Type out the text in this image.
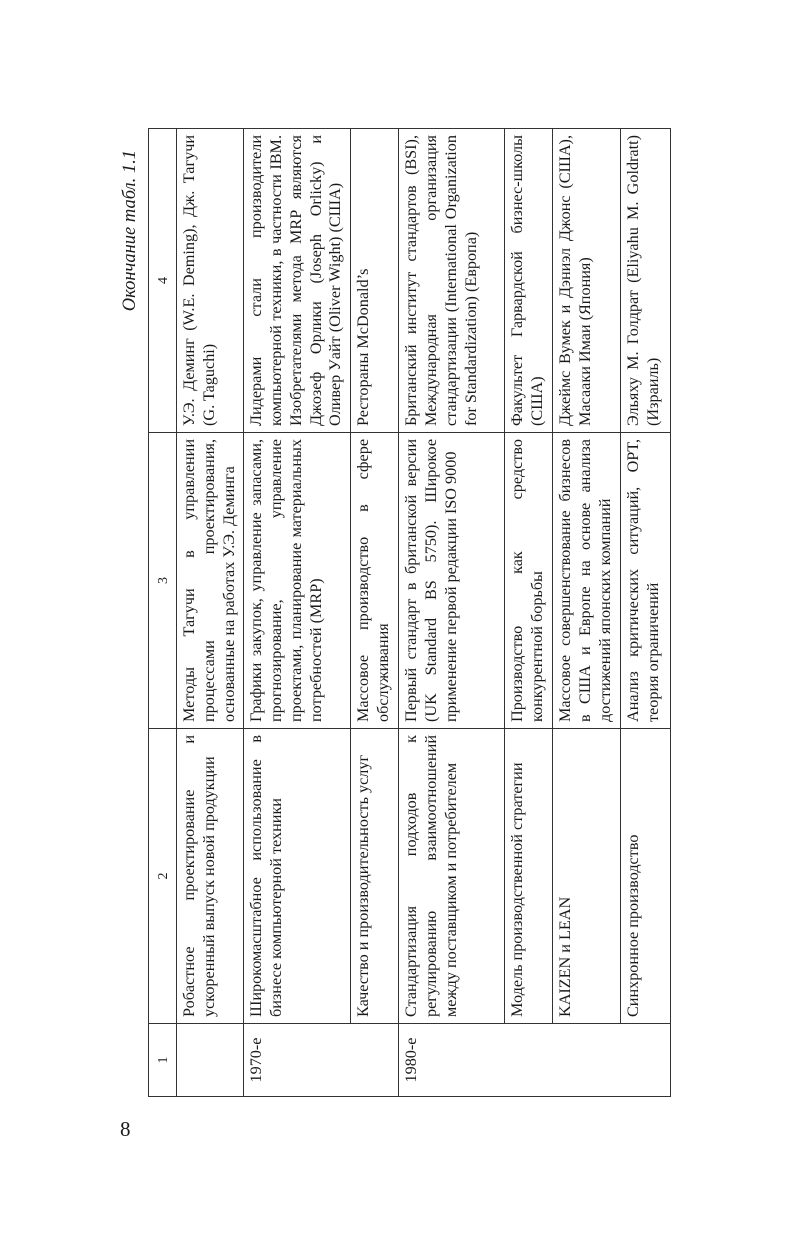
8
Окончание табл. 1.1
1	2	3	4
	Робастное проектирование и ускоренный выпуск новой продукции	Методы Тагучи в управлении процессами проектирования, основанные на работах У.Э. Деминга	У.Э. Деминг (W.E. Deming), Дж. Тагучи (G. Taguchi)
1970-е	Широкомасштабное использование в бизнесе компьютерной техники	Графики закупок, управление запасами, прогнозирование, управление проектами, планирование материальных потребностей (MRP)	Лидерами стали производители компьютерной техники, в частности IBM. Изобретателями метода MRP являются Джозеф Орлики (Joseph Orlicky) и Оливер Уайт (Oliver Wight) (США)
	Качество и производительность услуг	Массовое производство в сфере обслуживания	Рестораны McDonald’s
1980-е	Стандартизация подходов к регулированию взаимоотношений между поставщиком и потребителем	Первый стандарт в британской версии (UK Standard BS 5750). Широкое применение первой редакции ISO 9000	Британский институт стандартов (BSI), Международная организация стандартизации (International Organization for Standardization) (Европа)
	Модель производственной стратегии	Производство как средство конкурентной борьбы	Факультет Гарвардской бизнес-школы (США)
	KAIZEN и LEAN	Массовое совершенствование бизнесов в США и Европе на основе анализа достижений японских компаний	Джеймс Вумек и Дэниэл Джонс (США), Масааки Имаи (Япония)
	Синхронное производство	Анализ критических ситуаций, OPT, теория ограничений	Эльяху М. Голдрат (Eliyahu M. Goldratt) (Израиль)
